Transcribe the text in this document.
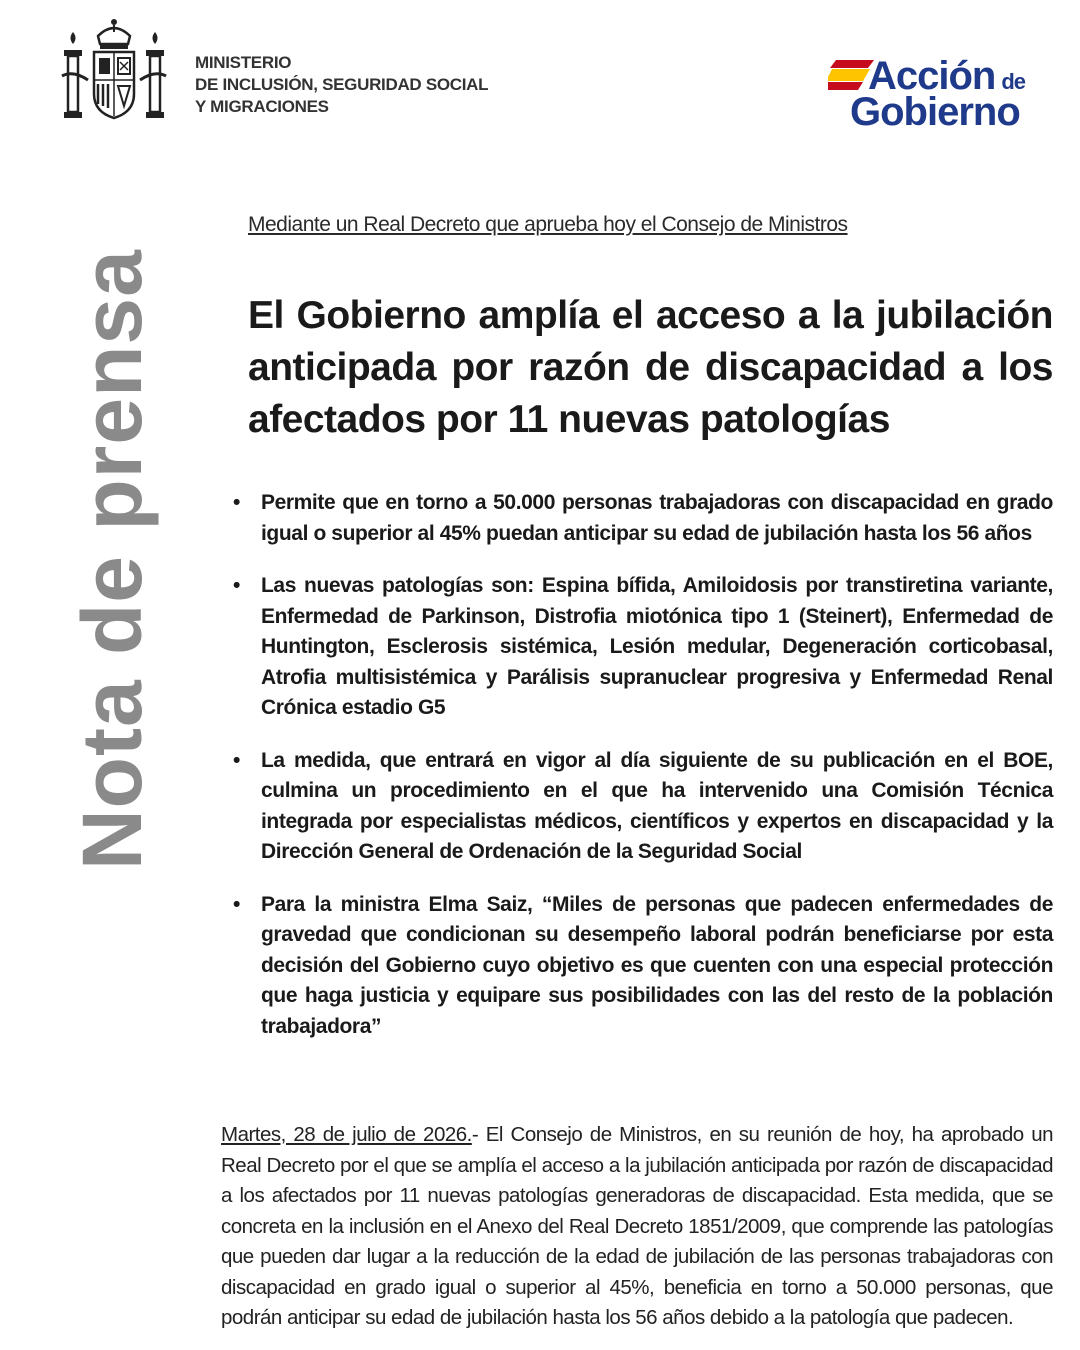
MINISTERIO
DE INCLUSIÓN, SEGURIDAD SOCIAL
Y MIGRACIONES
Acción de
Gobierno
Nota de prensa
Mediante un Real Decreto que aprueba hoy el Consejo de Ministros
El Gobierno amplía el acceso a la jubilación anticipada por razón de discapacidad a los afectados por 11 nuevas patologías
• Permite que en torno a 50.000 personas trabajadoras con discapacidad en grado igual o superior al 45% puedan anticipar su edad de jubilación hasta los 56 años
• Las nuevas patologías son: Espina bífida, Amiloidosis por transtiretina variante, Enfermedad de Parkinson, Distrofia miotónica tipo 1 (Steinert), Enfermedad de Huntington, Esclerosis sistémica, Lesión medular, Degeneración corticobasal, Atrofia multisistémica y Parálisis supranuclear progresiva y Enfermedad Renal Crónica estadio G5
• La medida, que entrará en vigor al día siguiente de su publicación en el BOE, culmina un procedimiento en el que ha intervenido una Comisión Técnica integrada por especialistas médicos, científicos y expertos en discapacidad y la Dirección General de Ordenación de la Seguridad Social
• Para la ministra Elma Saiz, “Miles de personas que padecen enfermedades de gravedad que condicionan su desempeño laboral podrán beneficiarse por esta decisión del Gobierno cuyo objetivo es que cuenten con una especial protección que haga justicia y equipare sus posibilidades con las del resto de la población trabajadora”
Martes, 28 de julio de 2026.- El Consejo de Ministros, en su reunión de hoy, ha aprobado un Real Decreto por el que se amplía el acceso a la jubilación anticipada por razón de discapacidad a los afectados por 11 nuevas patologías generadoras de discapacidad. Esta medida, que se concreta en la inclusión en el Anexo del Real Decreto 1851/2009, que comprende las patologías que pueden dar lugar a la reducción de la edad de jubilación de las personas trabajadoras con discapacidad en grado igual o superior al 45%, beneficia en torno a 50.000 personas, que podrán anticipar su edad de jubilación hasta los 56 años debido a la patología que padecen.
